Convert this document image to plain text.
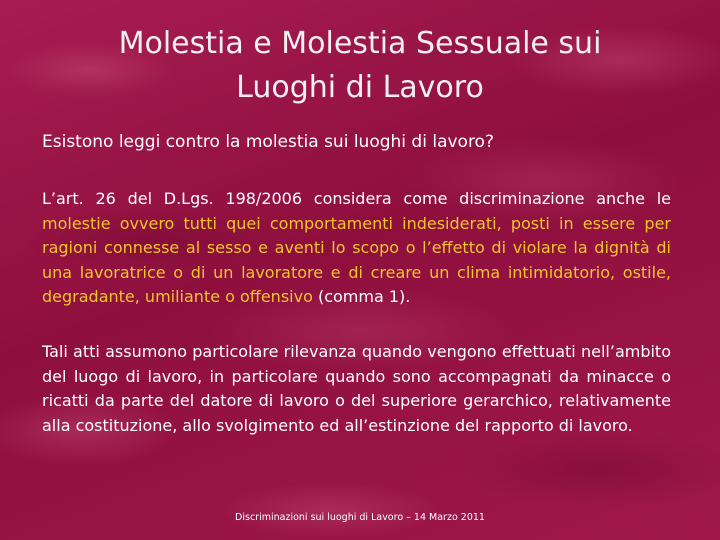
Molestia e Molestia Sessuale sui
Luoghi di Lavoro

Esistono leggi contro la molestia sui luoghi di lavoro?

L’art. 26 del D.Lgs. 198/2006 considera come discriminazione anche le molestie ovvero tutti quei comportamenti indesiderati, posti in essere per ragioni connesse al sesso e aventi lo scopo o l’effetto di violare la dignità di una lavoratrice o di un lavoratore e di creare un clima intimidatorio, ostile, degradante, umiliante o offensivo (comma 1).

Tali atti assumono particolare rilevanza quando vengono effettuati nell’ambito del luogo di lavoro, in particolare quando sono accompagnati da minacce o ricatti da parte del datore di lavoro o del superiore gerarchico, relativamente alla costituzione, allo svolgimento ed all’estinzione del rapporto di lavoro.

Discriminazioni sui luoghi di Lavoro – 14 Marzo 2011
